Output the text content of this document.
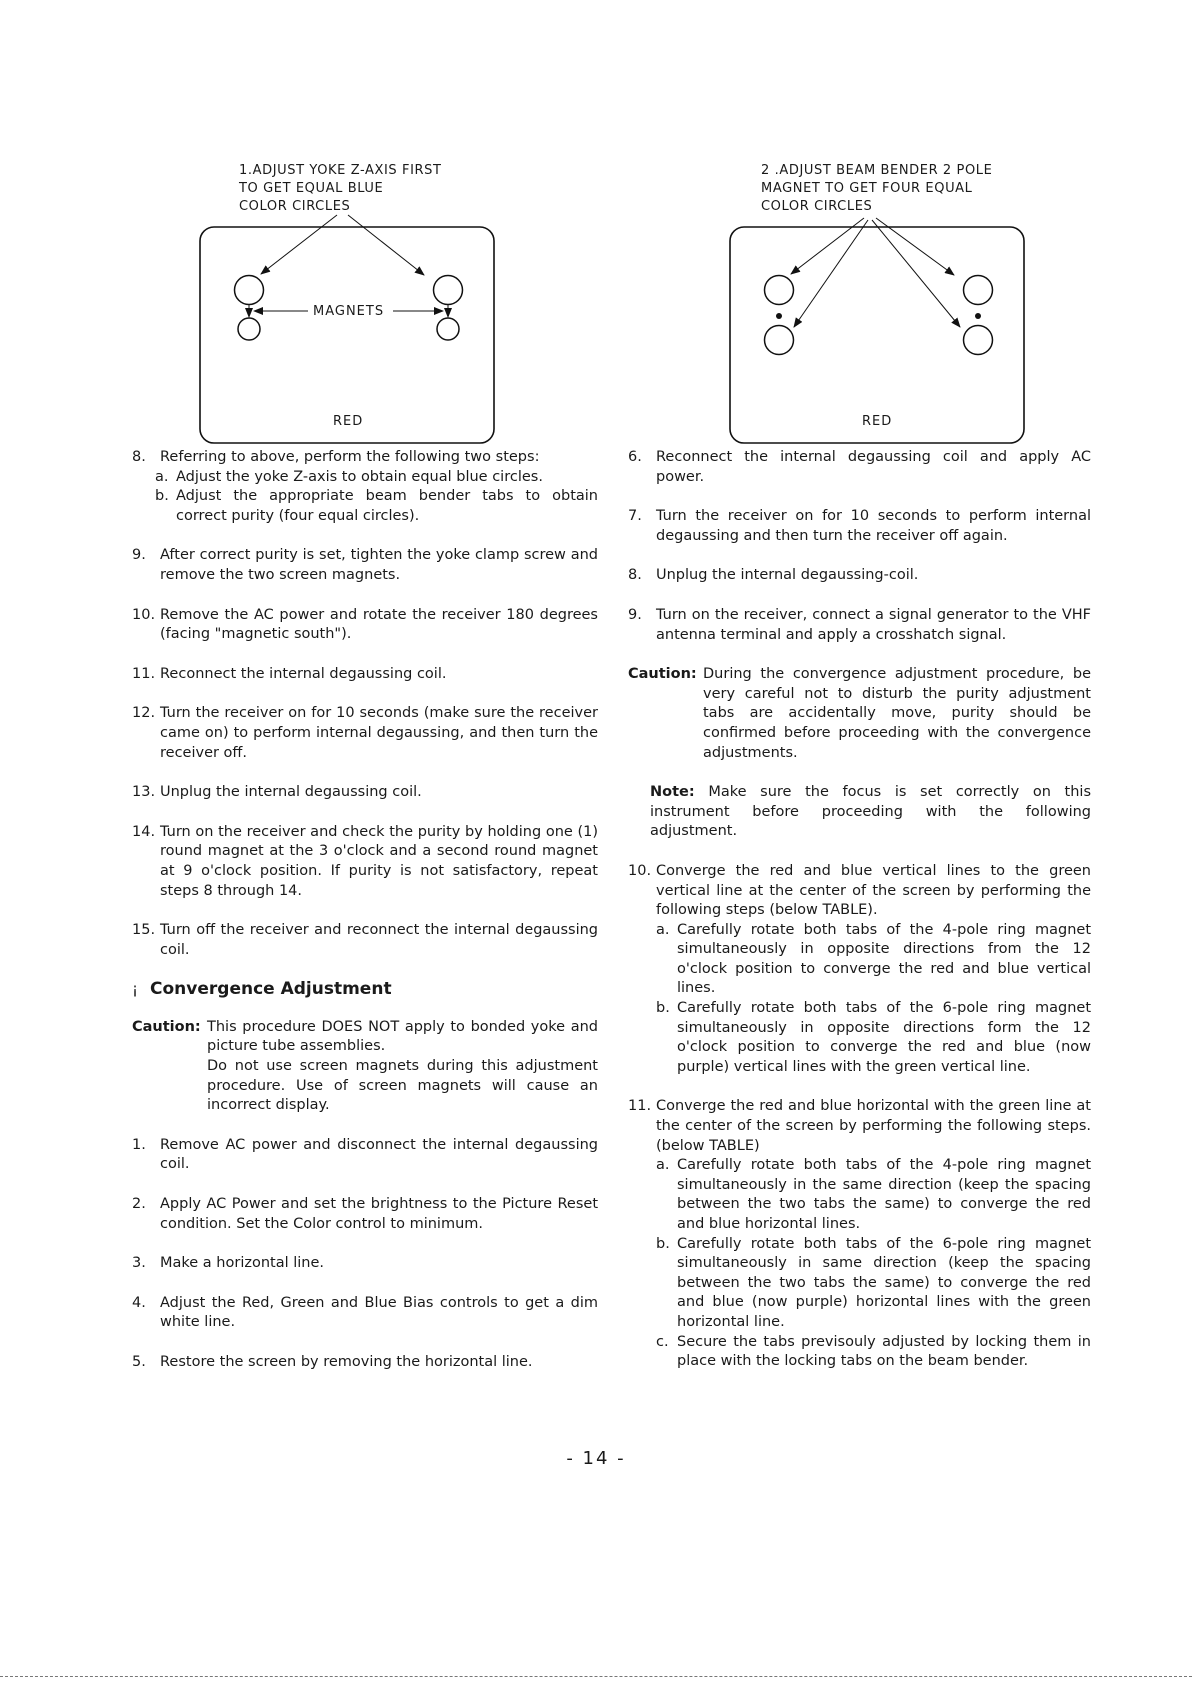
1.ADJUST YOKE Z-AXIS FIRST
TO GET EQUAL BLUE
COLOR CIRCLES
MAGNETS
RED
2 .ADJUST BEAM BENDER 2 POLE
MAGNET TO GET FOUR EQUAL
COLOR CIRCLES
RED
8. Referring to above, perform the following two steps:
a. Adjust the yoke Z-axis to obtain equal blue circles.
b. Adjust the appropriate beam bender tabs to obtain correct purity (four equal circles).
9. After correct purity is set, tighten the yoke clamp screw and remove the two screen magnets.
10. Remove the AC power and rotate the receiver 180 degrees (facing "magnetic south").
11. Reconnect the internal degaussing coil.
12. Turn the receiver on for 10 seconds (make sure the receiver came on) to perform internal degaussing, and then turn the receiver off.
13. Unplug the internal degaussing coil.
14. Turn on the receiver and check the purity by holding one (1) round magnet at the 3 o'clock and a second round magnet at 9 o'clock position. If purity is not satisfactory, repeat steps 8 through 14.
15. Turn off the receiver and reconnect the internal degaussing coil.
¡ Convergence Adjustment
Caution: This procedure DOES NOT apply to bonded yoke and picture tube assemblies.
Do not use screen magnets during this adjustment procedure. Use of screen magnets will cause an incorrect display.
1. Remove AC power and disconnect the internal degaussing coil.
2. Apply AC Power and set the brightness to the Picture Reset condition. Set the Color control to minimum.
3. Make a horizontal line.
4. Adjust the Red, Green and Blue Bias controls to get a dim white line.
5. Restore the screen by removing the horizontal line.
6. Reconnect the internal degaussing coil and apply AC power.
7. Turn the receiver on for 10 seconds to perform internal degaussing and then turn the receiver off again.
8. Unplug the internal degaussing-coil.
9. Turn on the receiver, connect a signal generator to the VHF antenna terminal and apply a crosshatch signal.
Caution: During the convergence adjustment procedure, be very careful not to disturb the purity adjustment tabs are accidentally move, purity should be confirmed before proceeding with the convergence adjustments.
Note: Make sure the focus is set correctly on this instrument before proceeding with the following adjustment.
10. Converge the red and blue vertical lines to the green vertical line at the center of the screen by performing the following steps (below TABLE).
a. Carefully rotate both tabs of the 4-pole ring magnet simultaneously in opposite directions from the 12 o'clock position to converge the red and blue vertical lines.
b. Carefully rotate both tabs of the 6-pole ring magnet simultaneously in opposite directions form the 12 o'clock position to converge the red and blue (now purple) vertical lines with the green vertical line.
11. Converge the red and blue horizontal with the green line at the center of the screen by performing the following steps. (below TABLE)
a. Carefully rotate both tabs of the 4-pole ring magnet simultaneously in the same direction (keep the spacing between the two tabs the same) to converge the red and blue horizontal lines.
b. Carefully rotate both tabs of the 6-pole ring magnet simultaneously in same direction (keep the spacing between the two tabs the same) to converge the red and blue (now purple) horizontal lines with the green horizontal line.
c. Secure the tabs previsouly adjusted by locking them in place with the locking tabs on the beam bender.
- 14 -
